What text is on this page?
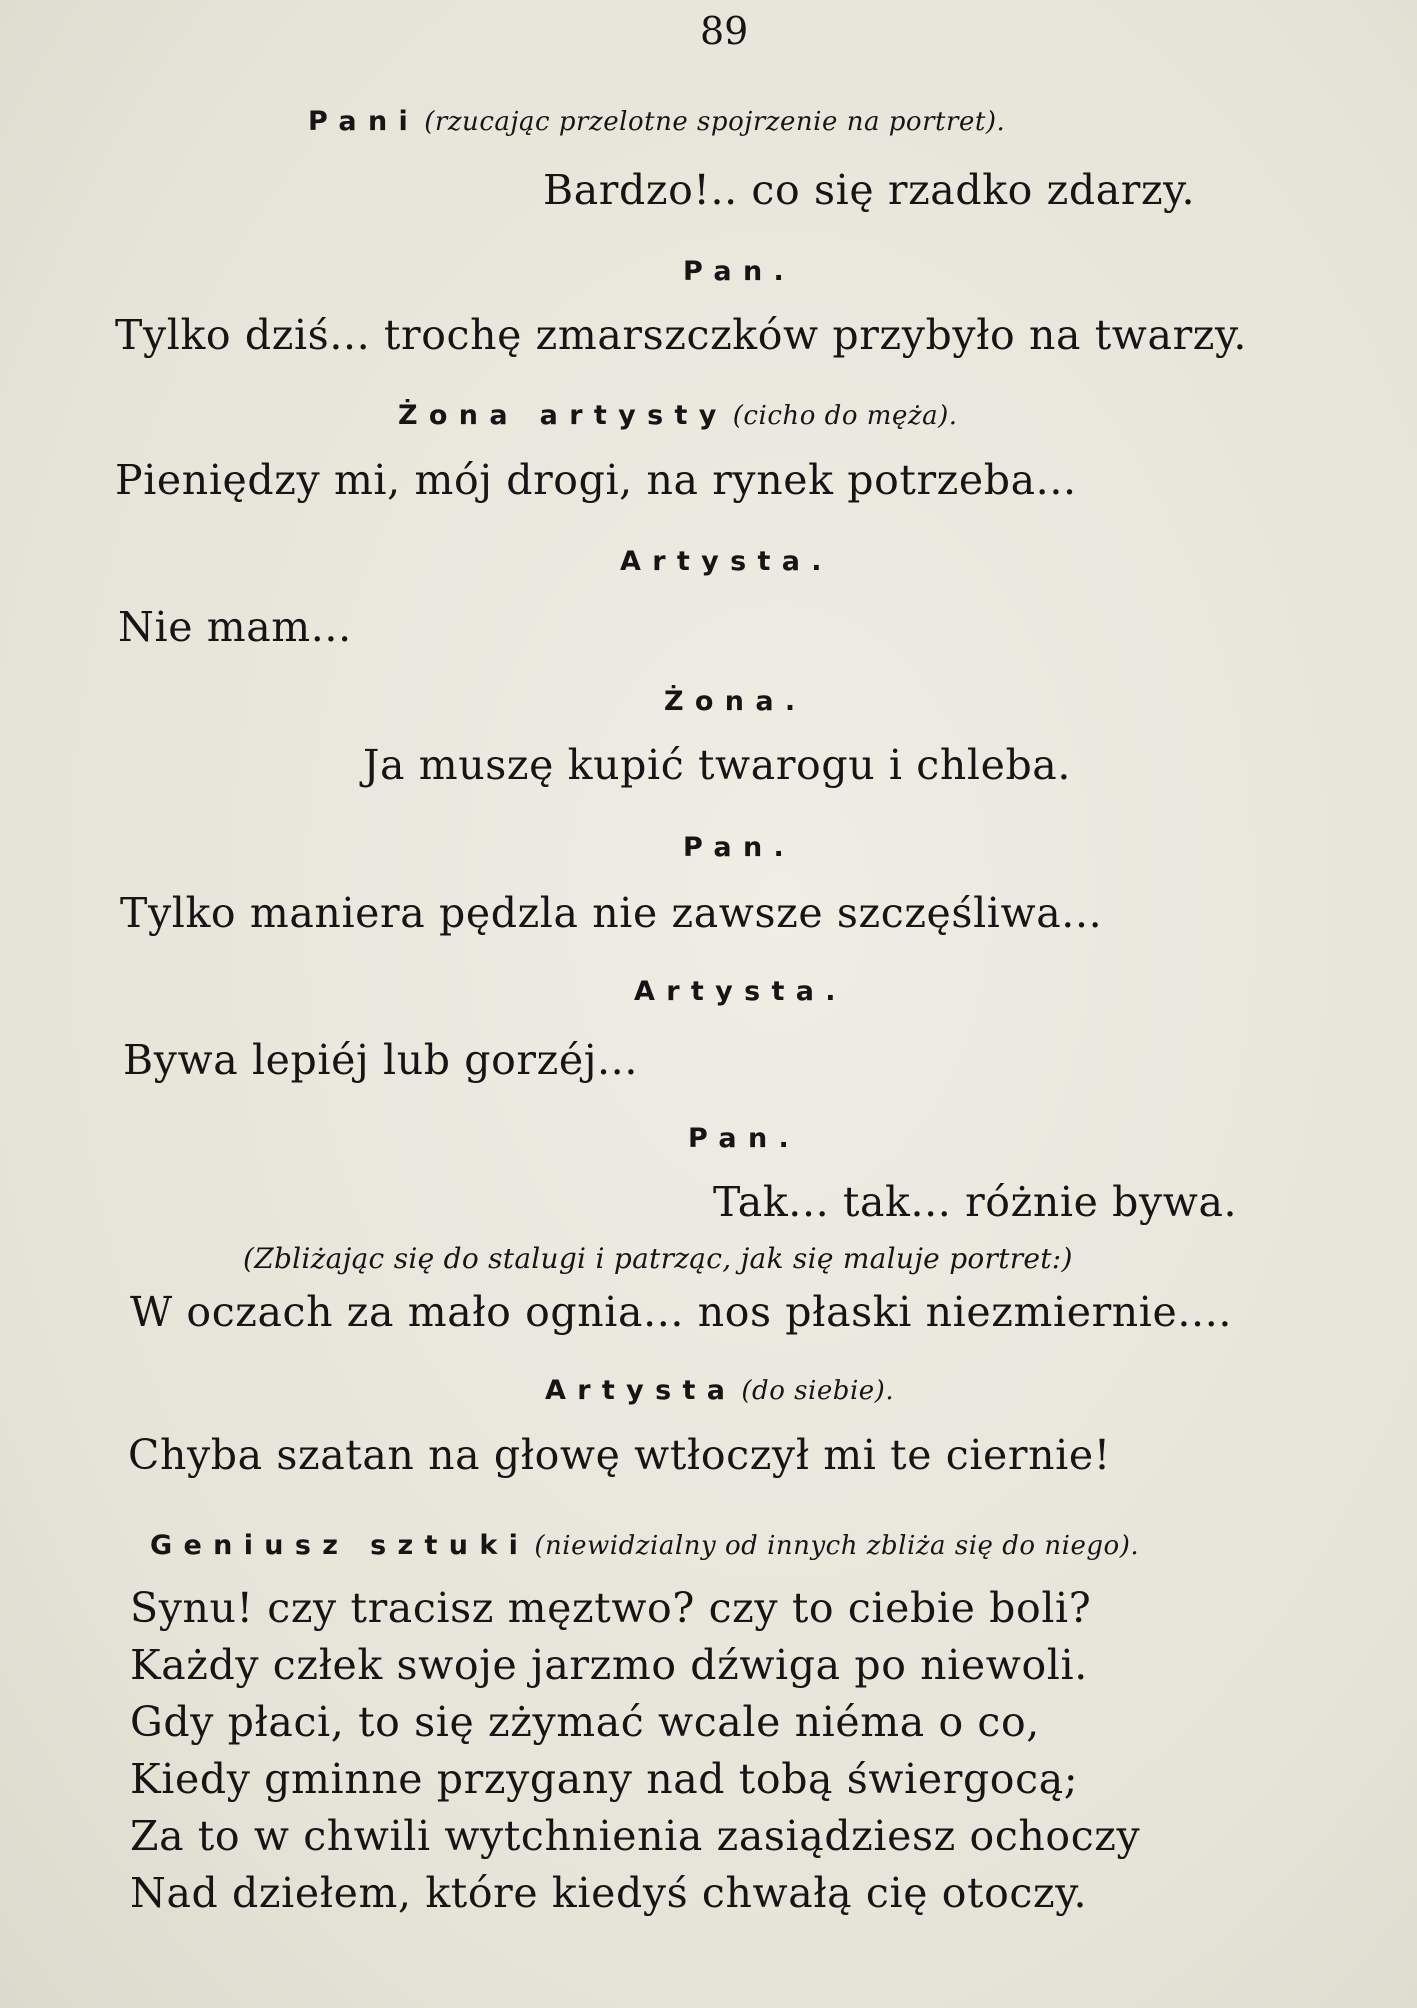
89
Pani (rzucając przelotne spojrzenie na portret).
Bardzo!.. co się rzadko zdarzy.
Pan.
Tylko dziś... trochę zmarszczków przybyło na twarzy.
Żona artysty (cicho do męża).
Pieniędzy mi, mój drogi, na rynek potrzeba...
Artysta.
Nie mam...
Żona.
Ja muszę kupić twarogu i chleba.
Pan.
Tylko maniera pędzla nie zawsze szczęśliwa...
Artysta.
Bywa lepiéj lub gorzéj...
Pan.
Tak... tak... różnie bywa.
(Zbliżając się do stalugi i patrząc, jak się maluje portret:)
W oczach za mało ognia... nos płaski niezmiernie....
Artysta (do siebie).
Chyba szatan na głowę wtłoczył mi te ciernie!
Geniusz sztuki (niewidzialny od innych zbliża się do niego).
Synu! czy tracisz męztwo? czy to ciebie boli?
Każdy człek swoje jarzmo dźwiga po niewoli.
Gdy płaci, to się zżymać wcale niéma o co,
Kiedy gminne przygany nad tobą świergocą;
Za to w chwili wytchnienia zasiądziesz ochoczy
Nad dziełem, które kiedyś chwałą cię otoczy.
